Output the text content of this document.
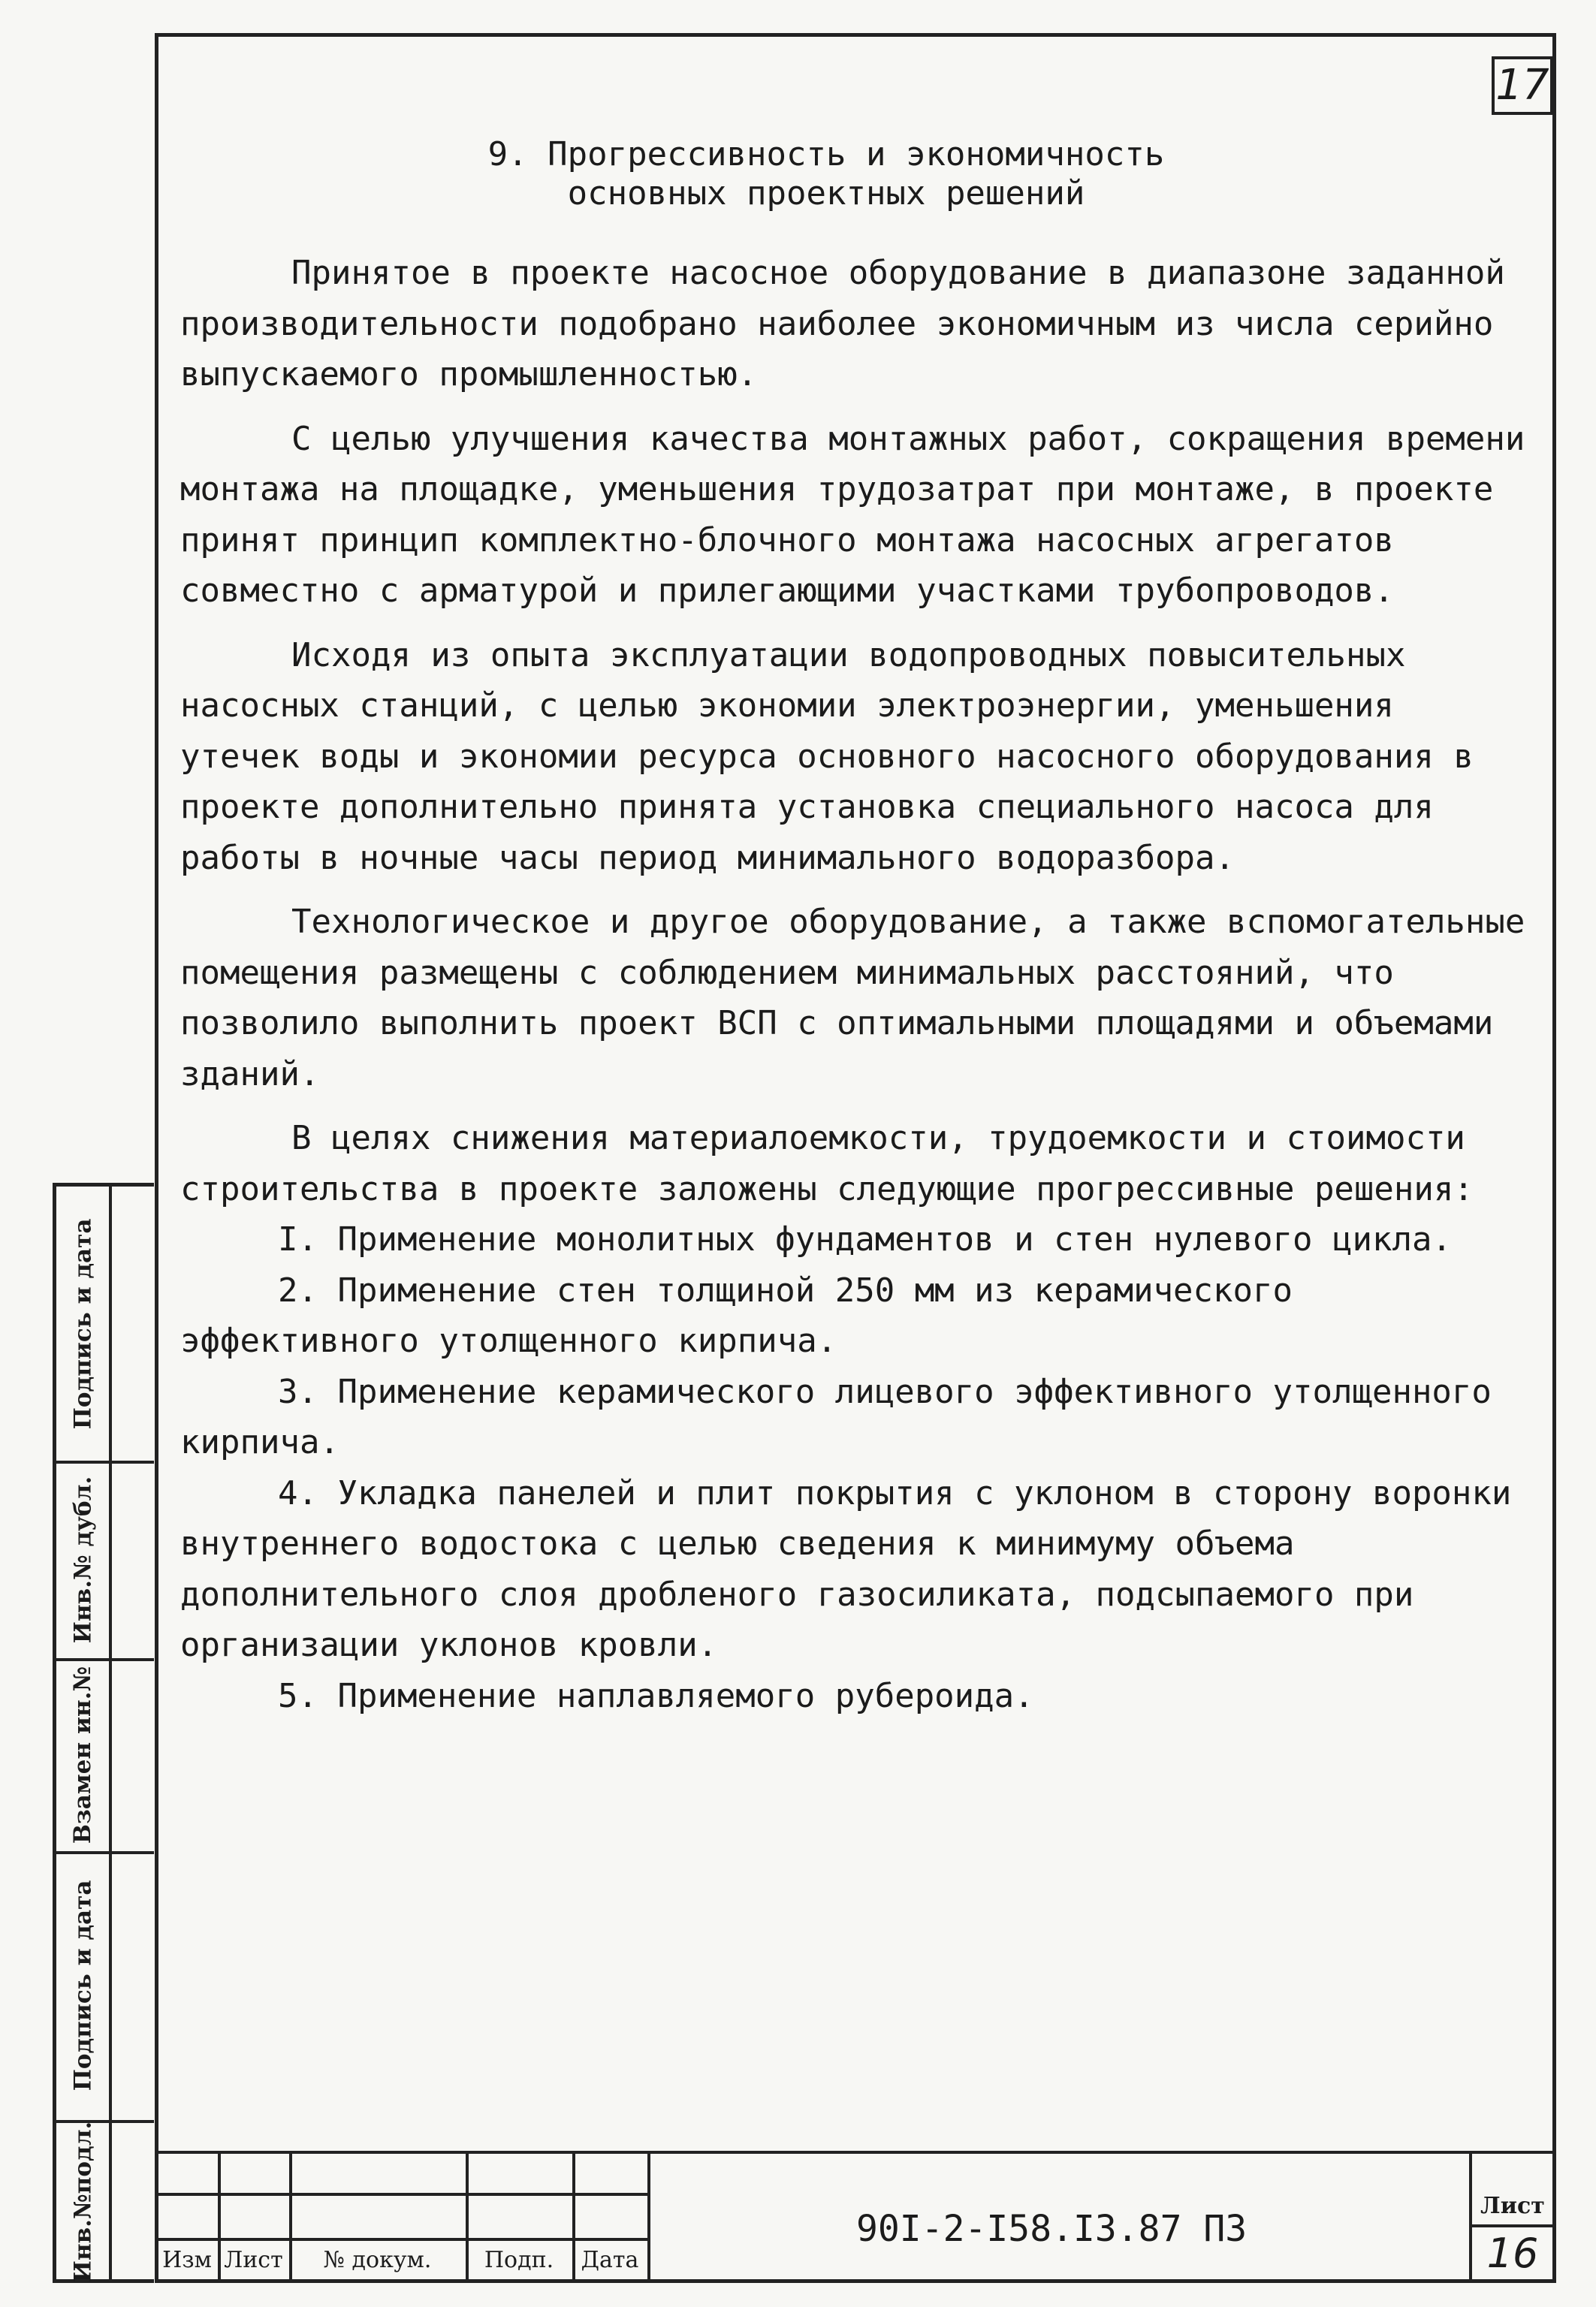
17
9. Прогрессивность и экономичность
основных проектных решений

Принятое в проекте насосное оборудование в диапазоне заданной производительности подобрано наиболее экономичным из числа серийно выпускаемого промышленностью.

С целью улучшения качества монтажных работ, сокращения времени монтажа на площадке, уменьшения трудозатрат при монтаже, в проекте принят принцип комплектно-блочного монтажа насосных агрегатов совместно с арматурой и прилегающими участками трубопроводов.

Исходя из опыта эксплуатации водопроводных повысительных насосных станций, с целью экономии электроэнергии, уменьшения утечек воды и экономии ресурса основного насосного оборудования в проекте дополнительно принята установка специального насоса для работы в ночные часы период минимального водоразбора.

Технологическое и другое оборудование, а также вспомогательные помещения размещены с соблюдением минимальных расстояний, что позволило выполнить проект ВСП с оптимальными площадями и объемами зданий.

В целях снижения материалоемкости, трудоемкости и стоимости строительства в проекте заложены следующие прогрессивные решения:

I. Применение монолитных фундаментов и стен нулевого цикла.

2. Применение стен толщиной 250 мм из керамического эффективного утолщенного кирпича.

3. Применение керамического лицевого эффективного утолщенного кирпича.

4. Укладка панелей и плит покрытия с уклоном в сторону воронки внутреннего водостока с целью сведения к минимуму объема дополнительного слоя дробленого газосиликата, подсыпаемого при организации уклонов кровли.

5. Применение наплавляемого рубероида.

Подпись и дата
Инв.№ дубл.
Взамен ин.№
Подпись и дата
Инв.№подл.	Изм Лист	№ докум.	Подп.	Дата
90I-2-I58.I3.87 ПЗ
Лист
16
